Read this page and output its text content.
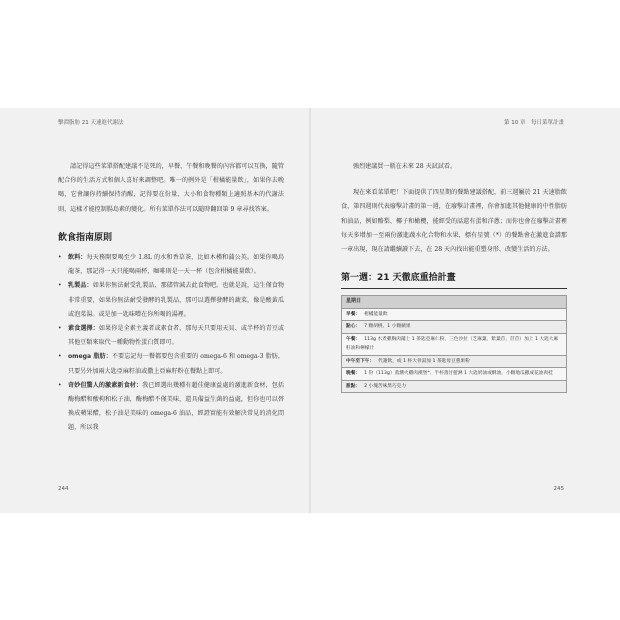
擊潰脂肪 21 天速進代謝法	第 10 章　每日菜單計畫

請記得這些菜單搭配建議不是死的，早餐、午餐和晚餐的內容都可以互換，隨管配合你的生活方式和個人喜好來調整吧。唯一的例外是「柑橘能量飲」，如果你去晚喝，它會讓你持續保持消醒，記得要在份量、大小和食物種類上適照基本的代謝法則，這樣才能控制腸島素的變化。所有菜單作法可以隨時翻回第 9 章尋找答案。

飲食指南原則
• 飲料：每天務開要喝至少 1.8L 的水和香草茶，比如木槿和蒲公英。如果你喝烏龍茶，那記得一天只能喝兩杯，咖啡則是一天一杯（包含柑橘能量飲）。
• 乳製品：如果你無法耐受乳製品，那儘管減去此食物吧。也就是說，這生僅食物非常重要，如果你無法耐受發酵的乳製品，那可以選擇發酵的蔬菜，像是酸黃瓜或泡菜湯。或是加一匙味噌在你所喝的湯裡。
• 素食選擇：如果你是全素主義者或素食者，那每天只要用天貝、或半杯的青豆或其他豆類來取代一種動物性蛋白質即可。
• omega 脂肪：不要忘記每一餐都要包含重要的 omega-6 和 omega-3 脂肪，只要另外加兩大匙亞麻籽油或撒上亞麻籽粉在餐點上即可。
• 奇妙但驚人的激素新食材：我已經選出幾種有超佳健康益處的激進新食材，包括酶梅醋和酸枸和松子油，酶梅醋不僅美味，還具備益生菌的益處，但你也可以替換成蘋果醋，松子油是美味的 omega-6 油品，經證實能有效解決常見的消化問題，所以我

強烈建議買一瓶在未來 28 天試試看。

現在來看菜單吧！下面提供了四星期的餐點建議搭配，前三週屬於 21 天速脂飲食，第四週則代表廢擊計畫的第一週，在廢擊計畫裡，你會加進其他健康的中性脂肪和油品，例如酪梨、椰子和橄欖，能經受的話還有蛋和洋蔥；而你也會在廢擊計畫裡每天多增加一至兩份激進蔬水化合物和水果，標有星號（*）的餐點會在激進食譜那一章出現，現在請繼續讀下去，在 28 天內找出能重塑身形、改變生活的方法。

第一週：21 天徹底重拾計畫
星期日
早餐： 柑橘能量飲
點心： 7 顆胡桃、1 小顆蘋果
午餐： 113g 水煮雞胸肉鋪上 1 茶匙亞麻仁粉、三色沙拉（芝麻葉、紫葉苣、苣苣）加上 1 大匙大麻籽油和檸檬汁
中午至下午： 代謝飲，或 1 杯大骨湯加 1 茶匙母豆蔥果粉
晚餐： 1 份（113g）蒸燻火雞肉漢堡*、半杯蒸甘藍淋 1 大匙奶油或酥油，小顆地瓜撒成花油肉桂
甜點： 2 小塊苦味黑巧克力
244	245
